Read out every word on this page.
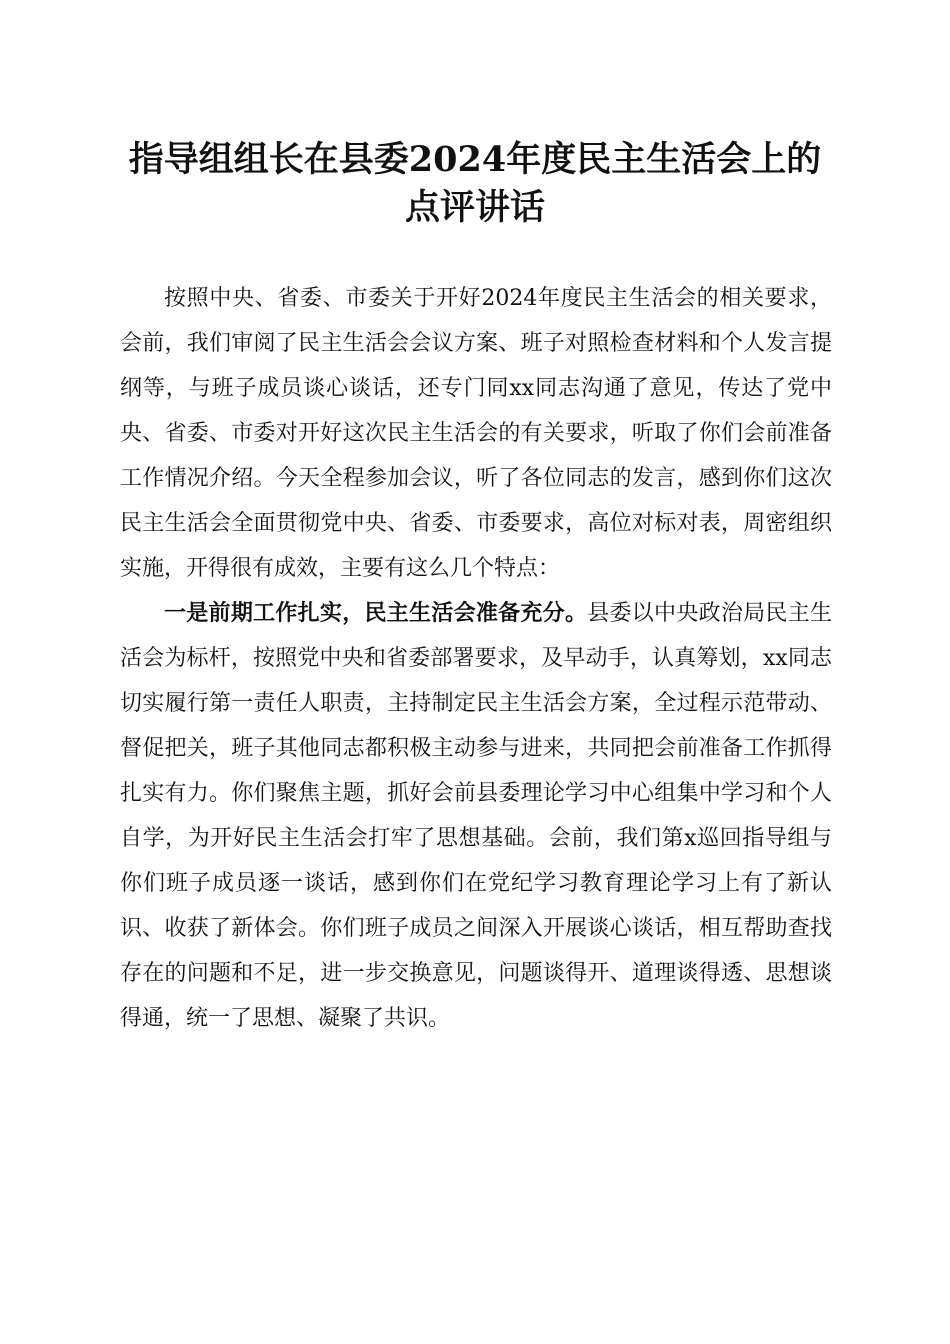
指导组组长在县委2024年度民主生活会上的
点评讲话

按照中央、省委、市委关于开好2024年度民主生活会的相关要求，会前，我们审阅了民主生活会会议方案、班子对照检查材料和个人发言提纲等，与班子成员谈心谈话，还专门同xx同志沟通了意见，传达了党中央、省委、市委对开好这次民主生活会的有关要求，听取了你们会前准备工作情况介绍。今天全程参加会议，听了各位同志的发言，感到你们这次民主生活会全面贯彻党中央、省委、市委要求，高位对标对表，周密组织实施，开得很有成效，主要有这么几个特点：

一是前期工作扎实，民主生活会准备充分。县委以中央政治局民主生活会为标杆，按照党中央和省委部署要求，及早动手，认真筹划，xx同志切实履行第一责任人职责，主持制定民主生活会方案，全过程示范带动、督促把关，班子其他同志都积极主动参与进来，共同把会前准备工作抓得扎实有力。你们聚焦主题，抓好会前县委理论学习中心组集中学习和个人自学，为开好民主生活会打牢了思想基础。会前，我们第x巡回指导组与你们班子成员逐一谈话，感到你们在党纪学习教育理论学习上有了新认识、收获了新体会。你们班子成员之间深入开展谈心谈话，相互帮助查找存在的问题和不足，进一步交换意见，问题谈得开、道理谈得透、思想谈得通，统一了思想、凝聚了共识。
